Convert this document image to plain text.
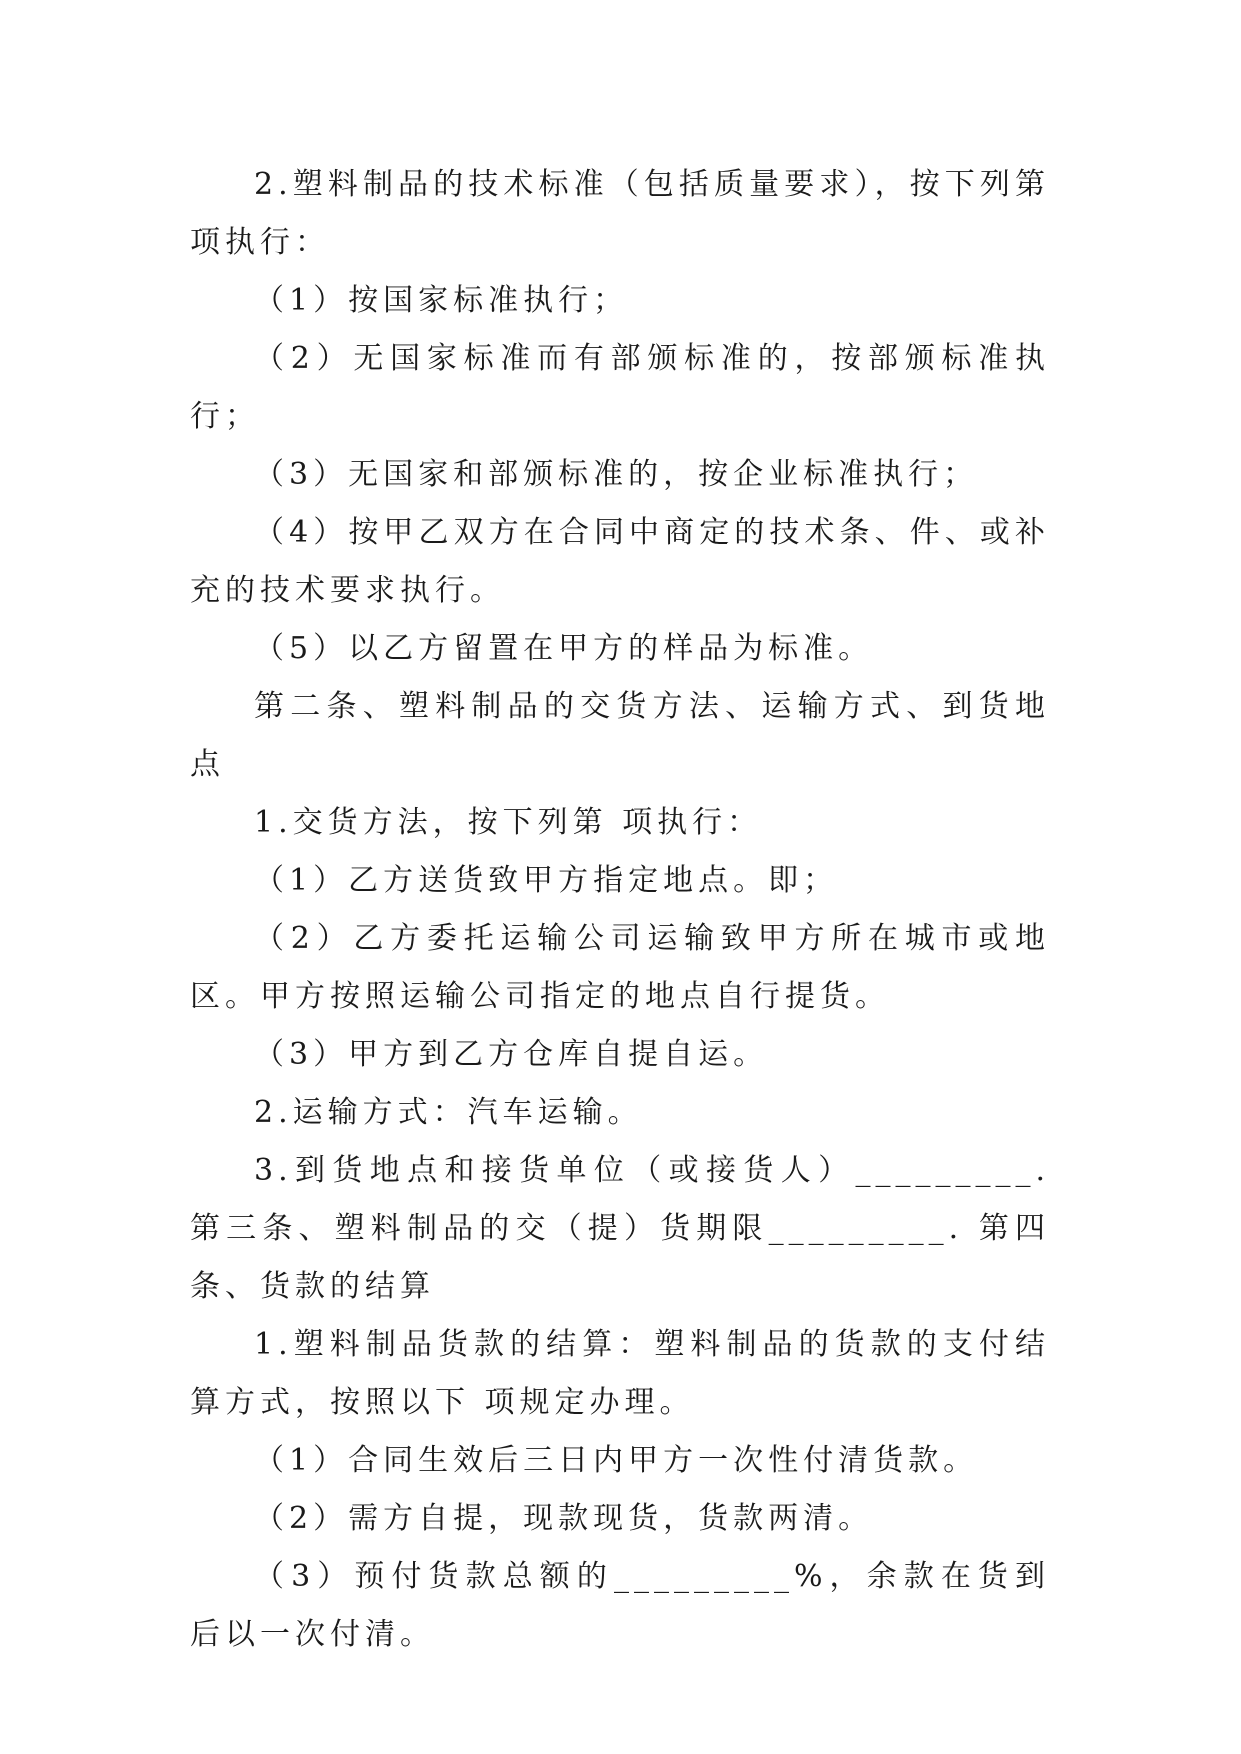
2.塑料制品的技术标准（包括质量要求），按下列第 项执行：

（1）按国家标准执行；

（2）无国家标准而有部颁标准的，按部颁标准执行；

（3）无国家和部颁标准的，按企业标准执行；

（4）按甲乙双方在合同中商定的技术条、件、或补充的技术要求执行。

（5）以乙方留置在甲方的样品为标准。

第二条、塑料制品的交货方法、运输方式、到货地点

1.交货方法，按下列第 项执行：

（1）乙方送货致甲方指定地点。即；

（2）乙方委托运输公司运输致甲方所在城市或地区。甲方按照运输公司指定的地点自行提货。

（3）甲方到乙方仓库自提自运。

2.运输方式：汽车运输。

3.到货地点和接货单位（或接货人）_________. 第三条、塑料制品的交（提）货期限_________. 第四条、货款的结算

1.塑料制品货款的结算：塑料制品的货款的支付结算方式，按照以下 项规定办理。

（1）合同生效后三日内甲方一次性付清货款。

（2）需方自提，现款现货，货款两清。

（3）预付货款总额的_________%，余款在货到后以一次付清。
